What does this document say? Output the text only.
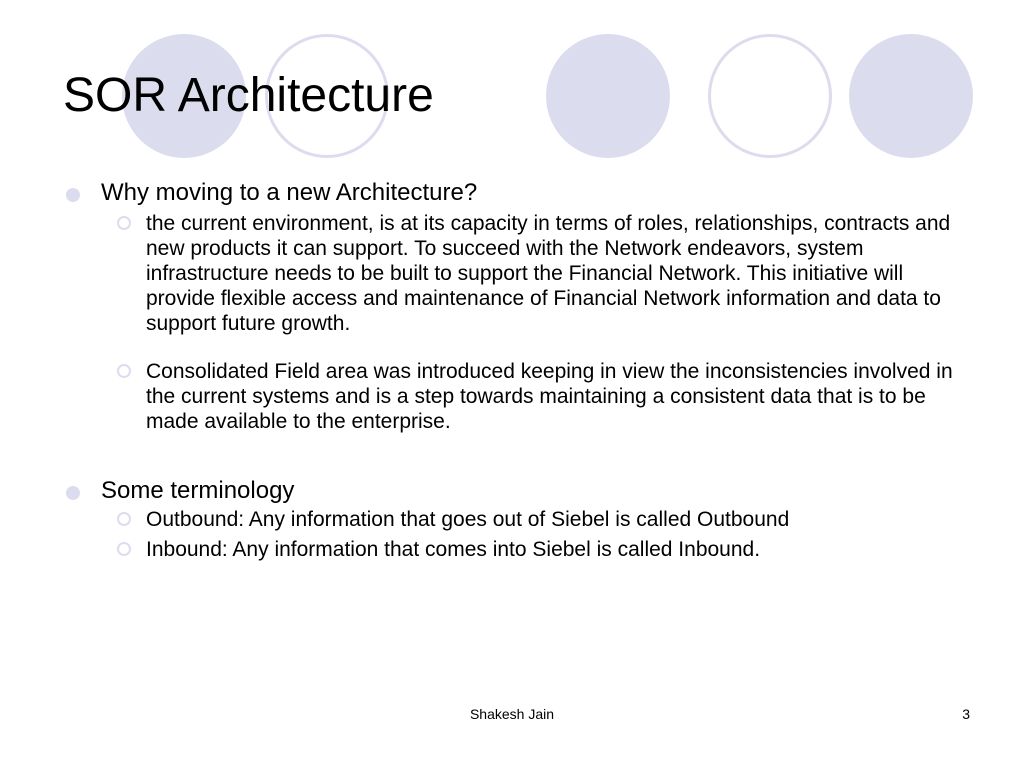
SOR Architecture
Why moving to a new Architecture?
the current environment, is at its capacity in terms of roles, relationships, contracts and new products it can support. To succeed with the Network endeavors, system infrastructure needs to be built to support the Financial Network. This initiative will provide flexible access and maintenance of Financial Network information and data to support future growth.
Consolidated Field area was introduced keeping in view the inconsistencies involved in the current systems and is a step towards maintaining a consistent data that is to be made available to the enterprise.
Some terminology
Outbound: Any information that goes out of Siebel is called Outbound
Inbound: Any information that comes into Siebel is called Inbound.
Shakesh Jain	3
